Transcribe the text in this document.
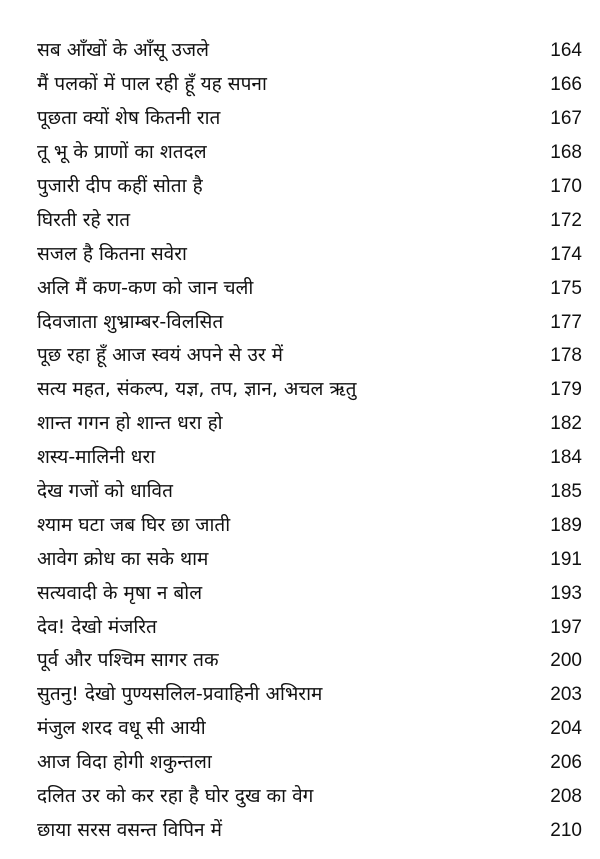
सब आँखों के आँसू उजले	164
मैं पलकों में पाल रही हूँ यह सपना	166
पूछता क्यों शेष कितनी रात	167
तू भू के प्राणों का शतदल	168
पुजारी दीप कहीं सोता है	170
घिरती रहे रात	172
सजल है कितना सवेरा	174
अलि मैं कण-कण को जान चली	175
दिवजाता शुभ्राम्बर-विलसित	177
पूछ रहा हूँ आज स्वयं अपने से उर में	178
सत्य महत, संकल्प, यज्ञ, तप, ज्ञान, अचल ऋतु	179
शान्त गगन हो शान्त धरा हो	182
शस्य-मालिनी धरा	184
देख गजों को धावित	185
श्याम घटा जब घिर छा जाती	189
आवेग क्रोध का सके थाम	191
सत्यवादी के मृषा न बोल	193
देव! देखो मंजरित	197
पूर्व और पश्चिम सागर तक	200
सुतनु! देखो पुण्यसलिल-प्रवाहिनी अभिराम	203
मंजुल शरद वधू सी आयी	204
आज विदा होगी शकुन्तला	206
दलित उर को कर रहा है घोर दुख का वेग	208
छाया सरस वसन्त विपिन में	210
